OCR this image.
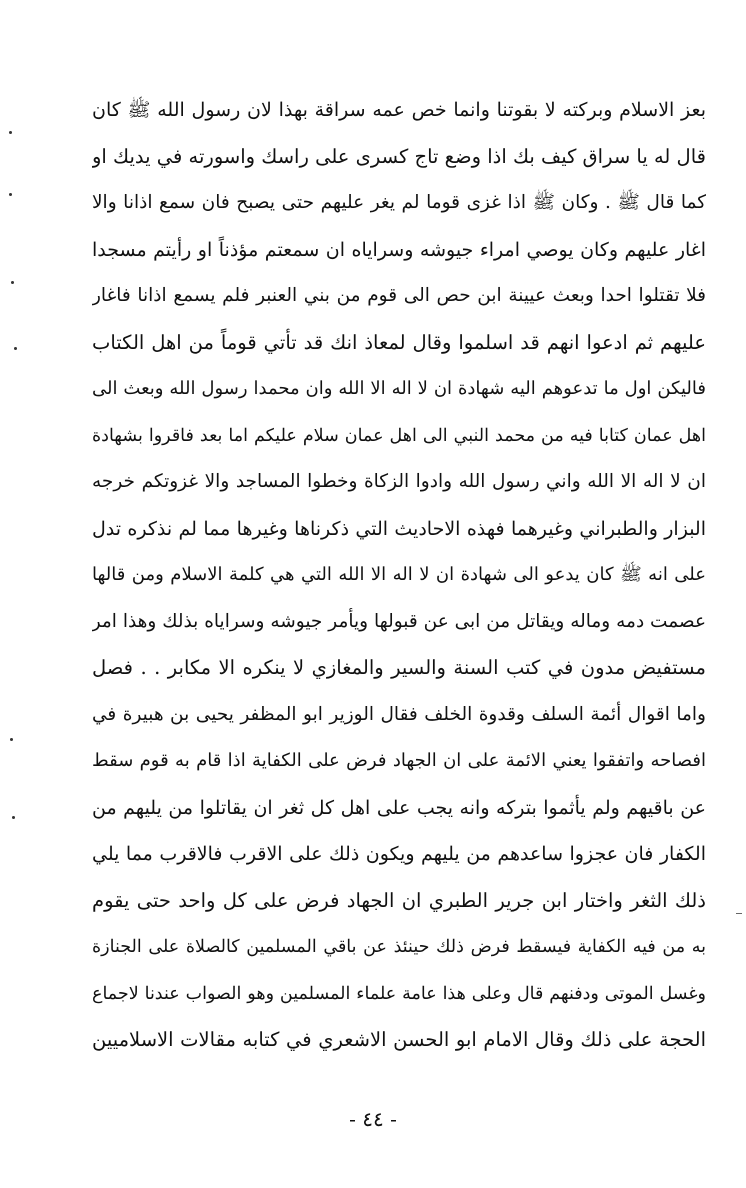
بعز الاسلام وبركته لا بقوتنا وانما خص عمه سراقة بهذا لان رسول الله ﷺ كان
قال له يا سراق كيف بك اذا وضع تاج كسرى على راسك واسورته في يديك او
كما قال ﷺ . وكان ﷺ اذا غزى قوما لم يغر عليهم حتى يصبح فان سمع اذانا والا
اغار عليهم وكان يوصي امراء جيوشه وسراياه ان سمعتم مؤذناً او رأيتم مسجدا
فلا تقتلوا احدا وبعث عيينة ابن حص الى قوم من بني العنبر فلم يسمع اذانا فاغار
عليهم ثم ادعوا انهم قد اسلموا وقال لمعاذ انك قد تأتي قوماً من اهل الكتاب
فاليكن اول ما تدعوهم اليه شهادة ان لا اله الا الله وان محمدا رسول الله وبعث الى
اهل عمان كتابا فيه من محمد النبي الى اهل عمان سلام عليكم اما بعد فاقروا بشهادة
ان لا اله الا الله واني رسول الله وادوا الزكاة وخطوا المساجد والا غزوتكم خرجه
البزار والطبراني وغيرهما فهذه الاحاديث التي ذكرناها وغيرها مما لم نذكره تدل
على انه ﷺ كان يدعو الى شهادة ان لا اله الا الله التي هي كلمة الاسلام ومن قالها
عصمت دمه وماله ويقاتل من ابى عن قبولها ويأمر جيوشه وسراياه بذلك وهذا امر
مستفيض مدون في كتب السنة والسير والمغازي لا ينكره الا مكابر . . فصل
واما اقوال أئمة السلف وقدوة الخلف فقال الوزير ابو المظفر يحيى بن هبيرة في
افصاحه واتفقوا يعني الائمة على ان الجهاد فرض على الكفاية اذا قام به قوم سقط
عن باقيهم ولم يأثموا بتركه وانه يجب على اهل كل ثغر ان يقاتلوا من يليهم من
الكفار فان عجزوا ساعدهم من يليهم ويكون ذلك على الاقرب فالاقرب مما يلي
ذلك الثغر واختار ابن جرير الطبري ان الجهاد فرض على كل واحد حتى يقوم
به من فيه الكفاية فيسقط فرض ذلك حينئذ عن باقي المسلمين كالصلاة على الجنازة
وغسل الموتى ودفنهم قال وعلى هذا عامة علماء المسلمين وهو الصواب عندنا لاجماع
الحجة على ذلك وقال الامام ابو الحسن الاشعري في كتابه مقالات الاسلاميين
- ٤٤ -
